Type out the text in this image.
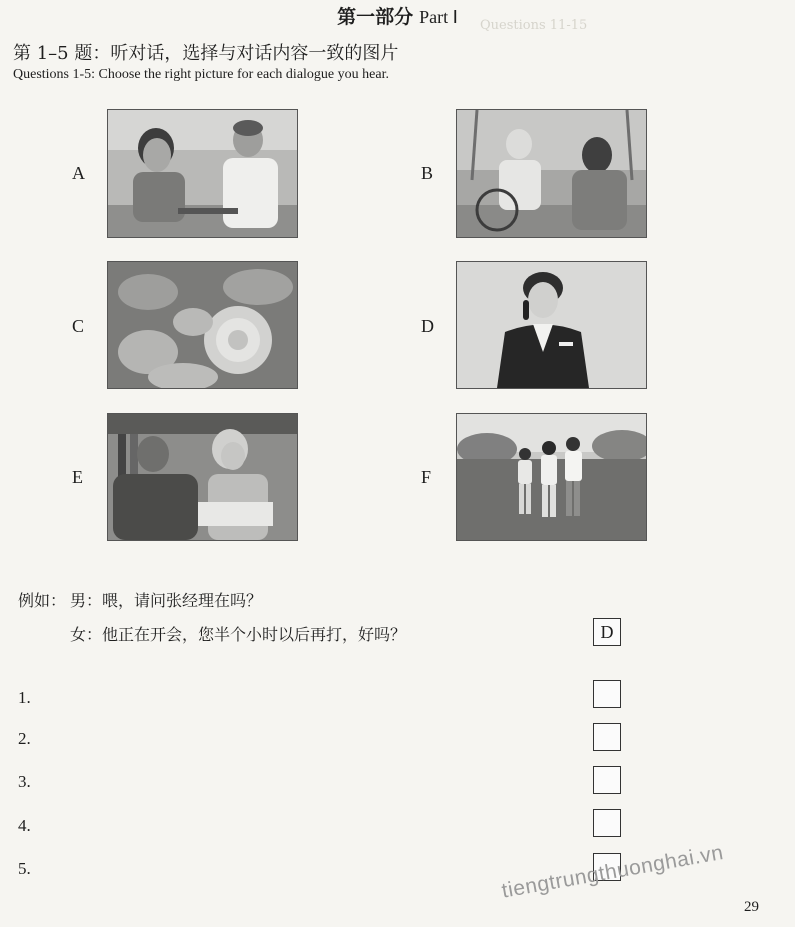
Questions 11-15
第一部分 Part Ⅰ
第 1–5 题：听对话，选择与对话内容一致的图片
Questions 1-5: Choose the right picture for each dialogue you hear.
A	B
C	D
E	F
例如： 男：喂，请问张经理在吗？
女：他正在开会，您半个小时以后再打，好吗？	D
1.
2.
3.
4.
5.	tiengtrungthuonghai.vn
29
